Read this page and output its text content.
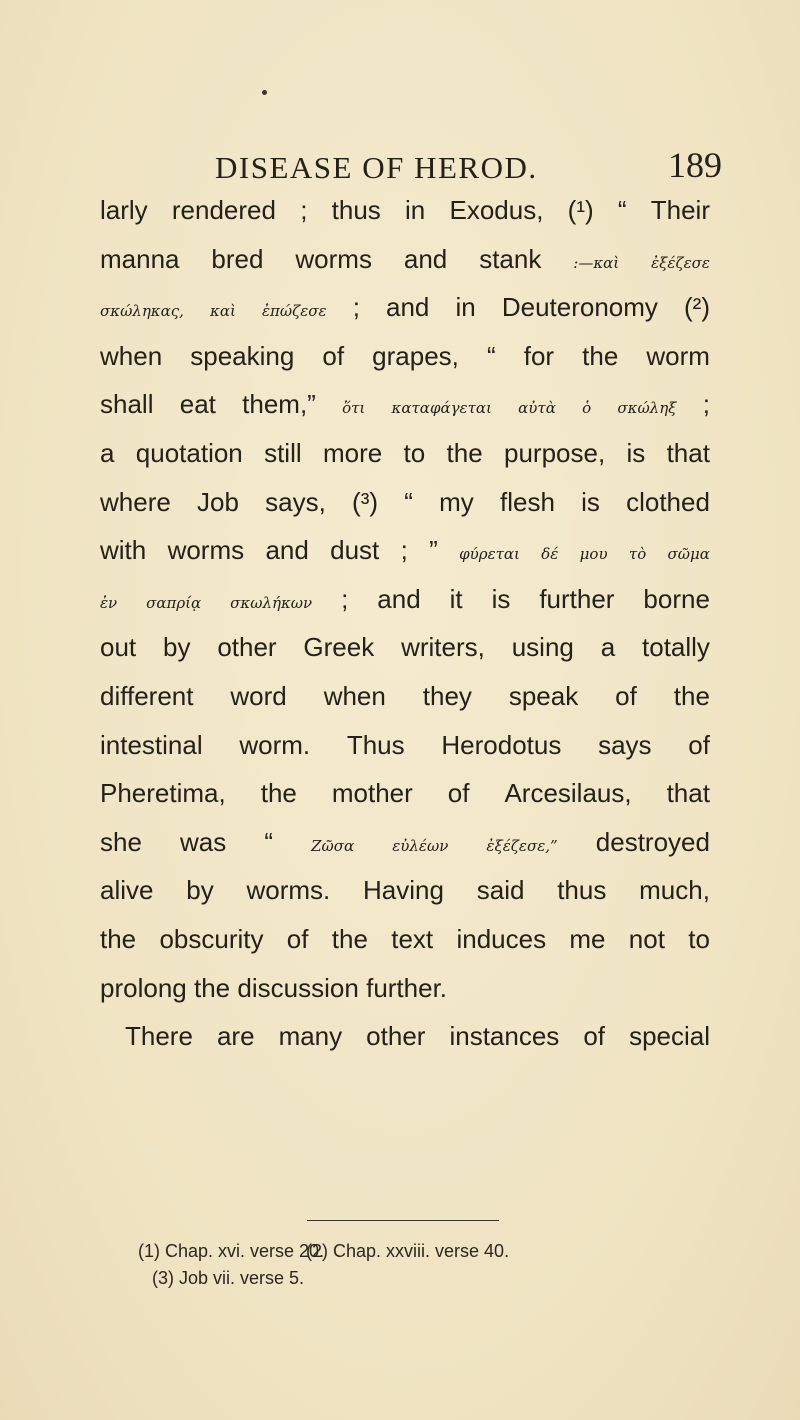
DISEASE OF HEROD.	189
larly rendered ; thus in Exodus, (¹) “ Their
manna bred worms and stank :—καὶ ἐξέζεσε
σκώληκας, καὶ ἐπώζεσε ; and in Deuteronomy (²)
when speaking of grapes, “ for the worm
shall eat them,” ὅτι καταφάγεται αὐτὰ ὁ σκώληξ ;
a quotation still more to the purpose, is that
where Job says, (³) “ my flesh is clothed
with worms and dust ; ” φύρεται δέ μου τὸ σῶμα
ἐν σαπρίᾳ σκωλήκων ; and it is further borne
out by other Greek writers, using a totally
different word when they speak of the
intestinal worm. Thus Herodotus says of
Pheretima, the mother of Arcesilaus, that
she was “	Ζῶσα	εὐλέων	ἐξέζεσε,” destroyed
alive by worms. Having said thus much,
the obscurity of the text induces me not to
prolong the discussion further.
There are many other instances of special
(1) Chap. xvi. verse 20.
(2) Chap. xxviii. verse 40.
(3) Job vii. verse 5.
